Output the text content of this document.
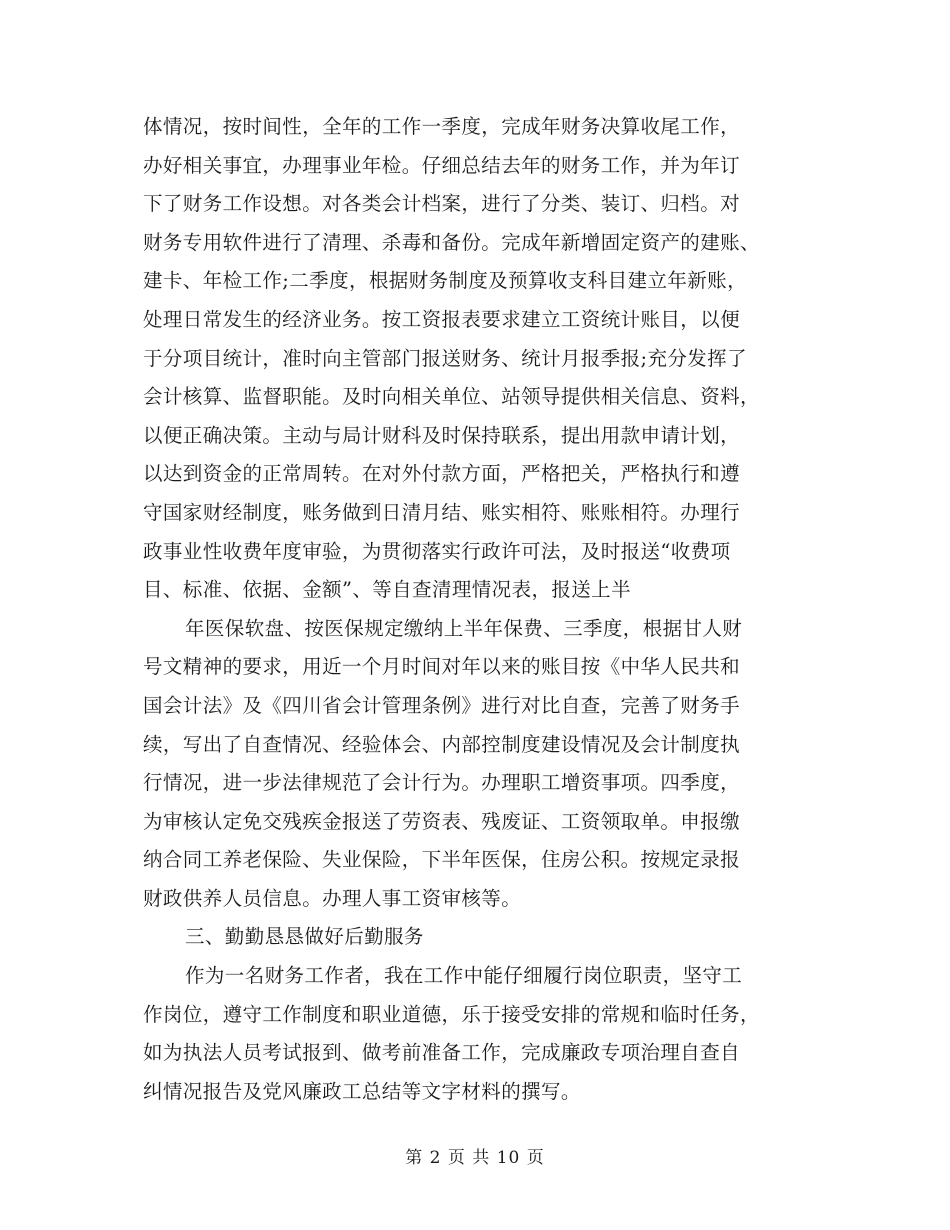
体情况，按时间性，全年的工作一季度，完成年财务决算收尾工作，
办好相关事宜，办理事业年检。仔细总结去年的财务工作，并为年订
下了财务工作设想。对各类会计档案，进行了分类、装订、归档。对
财务专用软件进行了清理、杀毒和备份。完成年新增固定资产的建账、
建卡、年检工作;二季度，根据财务制度及预算收支科目建立年新账，
处理日常发生的经济业务。按工资报表要求建立工资统计账目，以便
于分项目统计，准时向主管部门报送财务、统计月报季报;充分发挥了
会计核算、监督职能。及时向相关单位、站领导提供相关信息、资料，
以便正确决策。主动与局计财科及时保持联系，提出用款申请计划，
以达到资金的正常周转。在对外付款方面，严格把关，严格执行和遵
守国家财经制度，账务做到日清月结、账实相符、账账相符。办理行
政事业性收费年度审验，为贯彻落实行政许可法，及时报送“收费项
目、标准、依据、金额”、等自查清理情况表，报送上半
年医保软盘、按医保规定缴纳上半年保费、三季度，根据甘人财
号文精神的要求，用近一个月时间对年以来的账目按《中华人民共和
国会计法》及《四川省会计管理条例》进行对比自查，完善了财务手
续，写出了自查情况、经验体会、内部控制度建设情况及会计制度执
行情况，进一步法律规范了会计行为。办理职工增资事项。四季度，
为审核认定免交残疾金报送了劳资表、残废证、工资领取单。申报缴
纳合同工养老保险、失业保险，下半年医保，住房公积。按规定录报
财政供养人员信息。办理人事工资审核等。
三、勤勤恳恳做好后勤服务
作为一名财务工作者，我在工作中能仔细履行岗位职责，坚守工
作岗位，遵守工作制度和职业道德，乐于接受安排的常规和临时任务，
如为执法人员考试报到、做考前准备工作，完成廉政专项治理自查自
纠情况报告及党风廉政工总结等文字材料的撰写。
第 2 页 共 10 页
